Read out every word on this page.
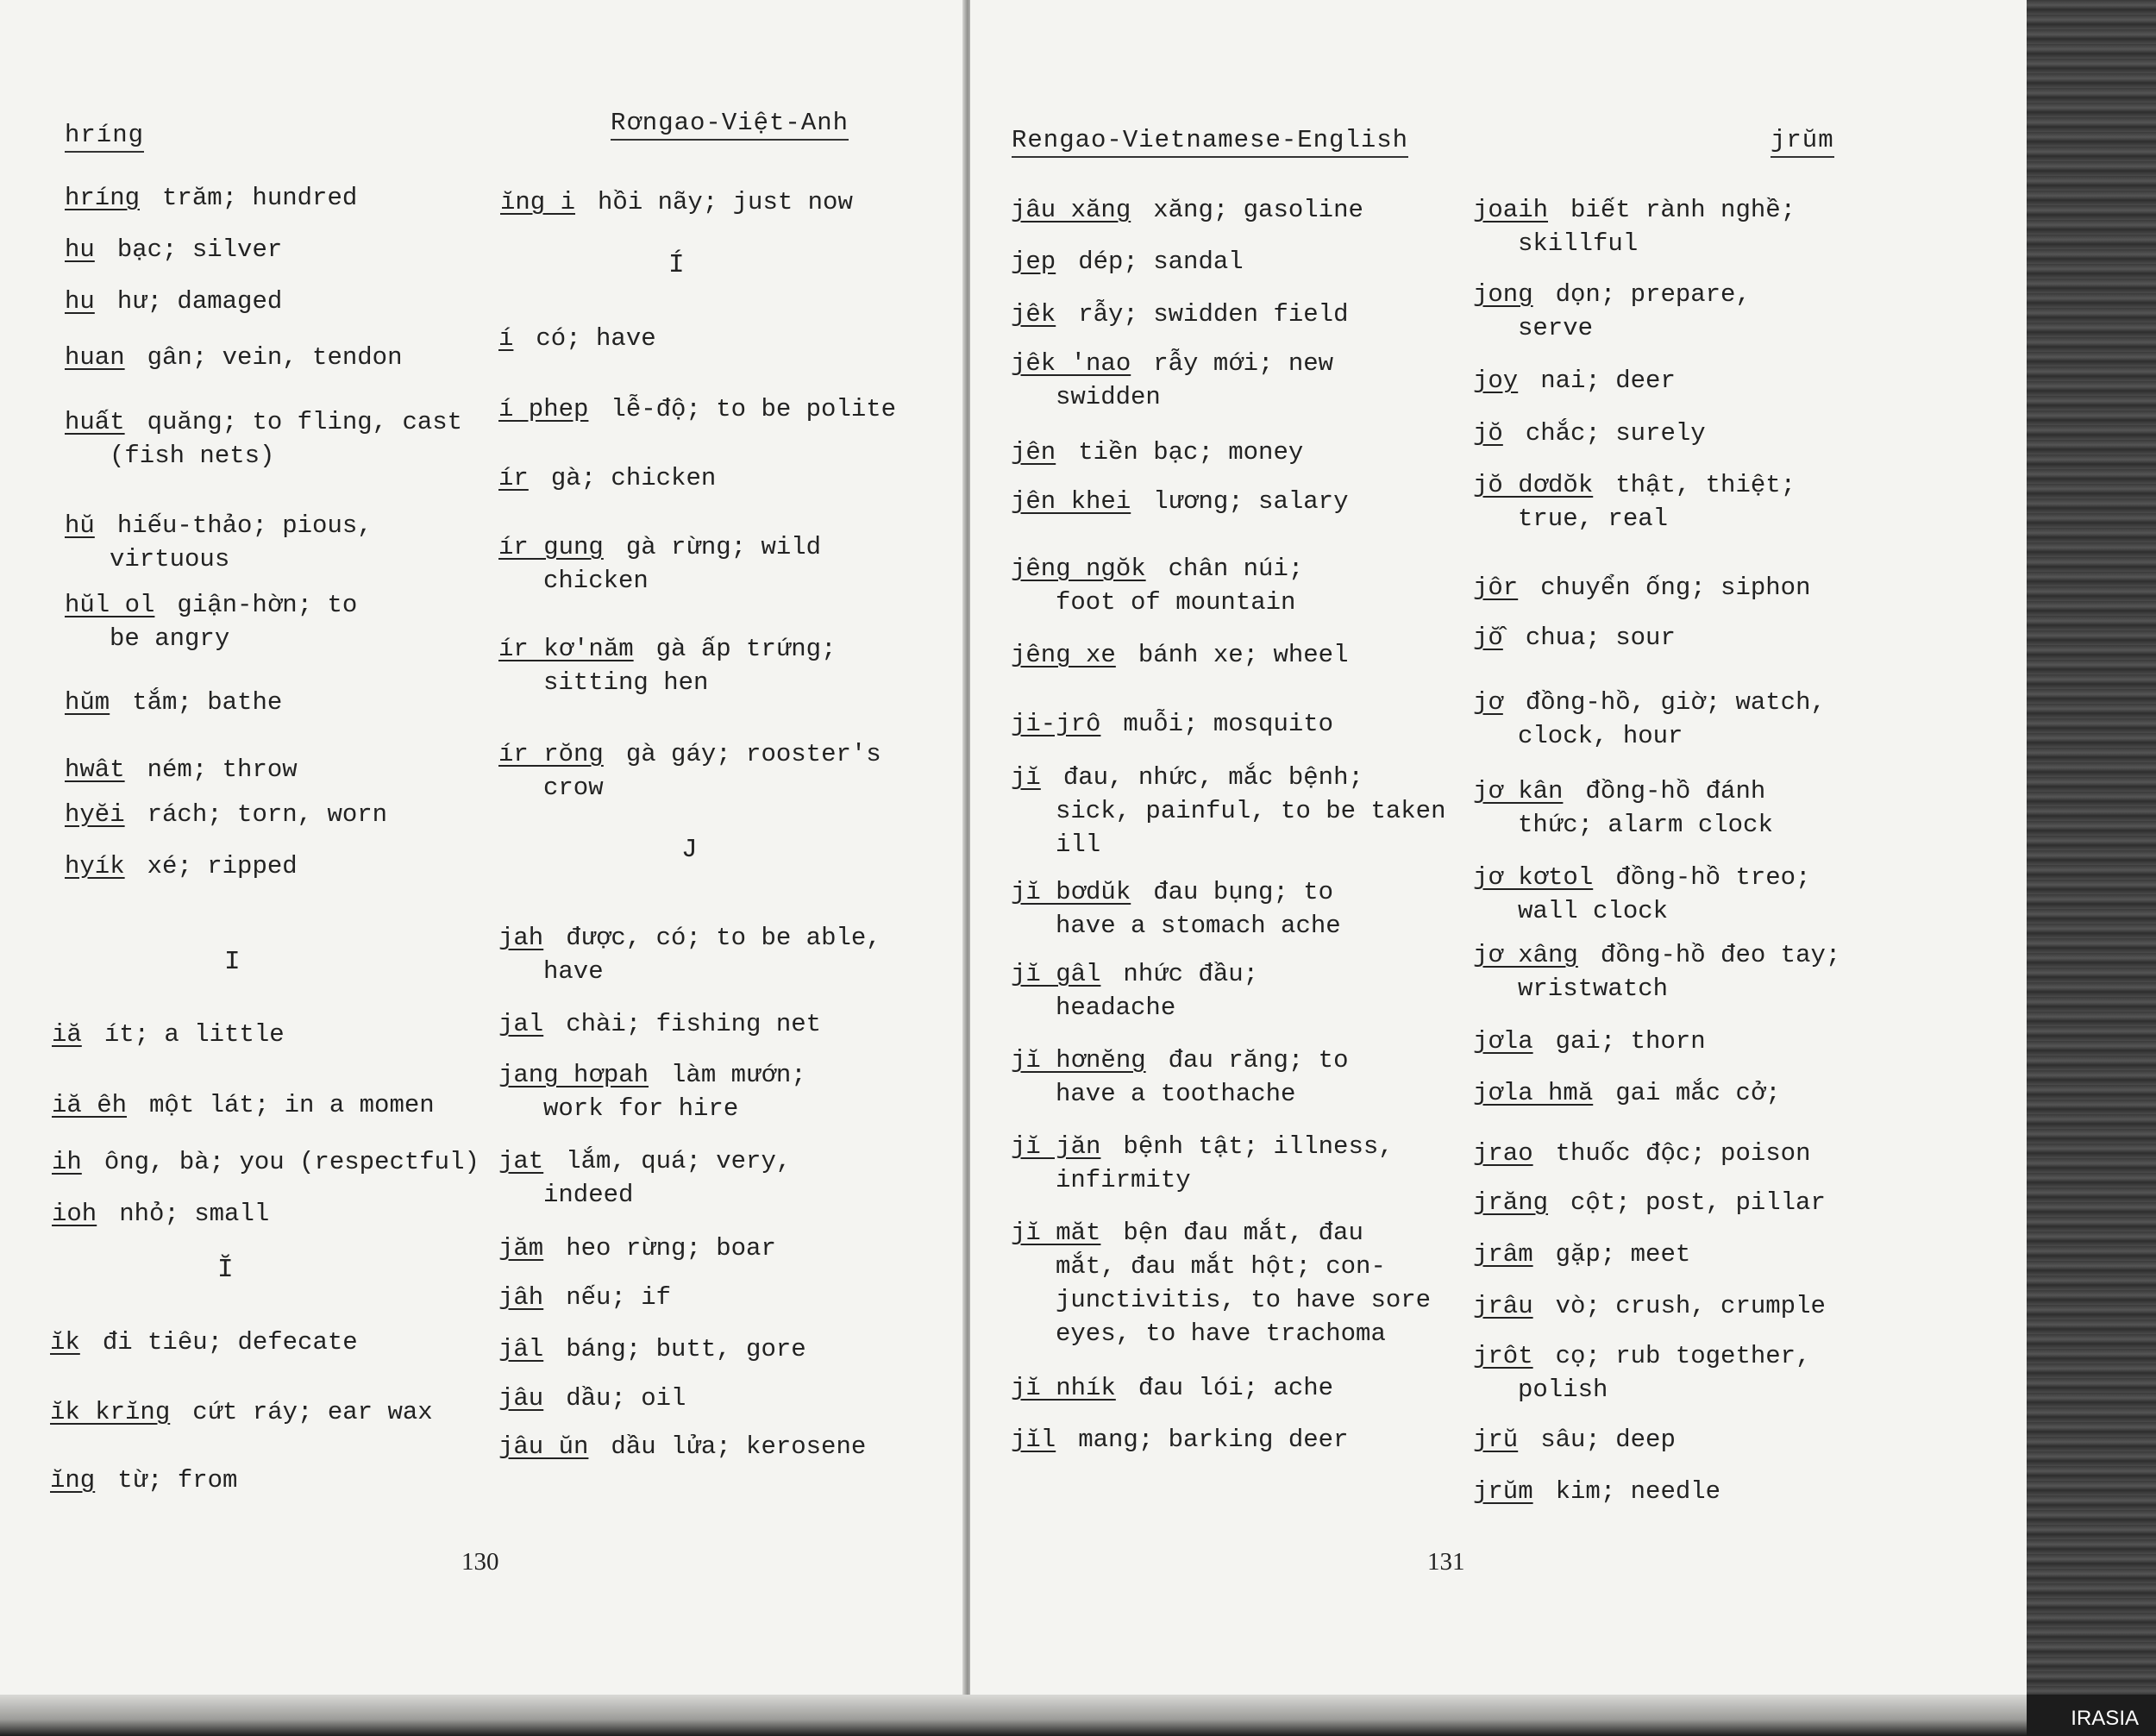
hríng	Rơngao-Việt-Anh
hríng trăm; hundred
hu bạc; silver
hu hư; damaged
huan gân; vein, tendon
huất quăng; to fling, cast
(fish nets)
hŭ hiếu-thảo; pious,
virtuous
hŭl ol giận-hờn; to
be angry
hŭm tắm; bathe
hwât ném; throw
hyĕi rách; torn, worn
hyík xé; ripped
I
iă ít; a little
iă êh một lát; in a momen
ih ông, bà; you (respectful)
ioh nhỏ; small
Ĭ
ĭk đi tiêu; defecate
ĭk krĭng cứt ráy; ear wax
ĭng từ; from
ĭng i hồi nãy; just now
Í
í có; have
í phep lễ-độ; to be polite
ír gà; chicken
ír gung gà rừng; wild
chicken
ír kơ'năm gà ấp trứng;
sitting hen
ír rŏng gà gáy; rooster's
crow
J
jah được, có; to be able,
have
jal chài; fishing net
jang hơpah làm mướn;
work for hire
jat lắm, quá; very,
indeed
jăm heo rừng; boar
jâh nếu; if
jâl báng; butt, gore
jâu dầu; oil
jâu ŭn dầu lửa; kerosene
130
Rengao-Vietnamese-English	jrŭm
jâu xăng xăng; gasoline
jep dép; sandal
jêk rẫy; swidden field
jêk 'nao rẫy mới; new
swidden
jên tiền bạc; money
jên khei lương; salary
jêng ngŏk chân núi;
foot of mountain
jêng xe bánh xe; wheel
ji-jrô muỗi; mosquito
jĭ đau, nhức, mắc bệnh;
sick, painful, to be taken
ill
jĭ bơdŭk đau bụng; to
have a stomach ache
jĭ gâl nhức đầu;
headache
jĭ hơnĕng đau răng; to
have a toothache
jĭ jăn bệnh tật; illness,
infirmity
jĭ măt bện đau mắt, đau
mắt, đau mắt hột; con-
junctivitis, to have sore
eyes, to have trachoma
jĭ nhík đau lói; ache
jĭl mang; barking deer
joaih biết rành nghề;
skillful
jong dọn; prepare,
serve
joy nai; deer
jŏ chắc; surely
jŏ dơdŏk thật, thiệt;
true, real
jôr chuyển ống; siphon
jŏ̂ chua; sour
jơ đồng-hồ, giờ; watch,
clock, hour
jơ kân đồng-hồ đánh
thức; alarm clock
jơ kơtol đồng-hồ treo;
wall clock
jơ xâng đồng-hồ đeo tay;
wristwatch
jơla gai; thorn
jơla hmă gai mắc cở;
jrao thuốc độc; poison
jrăng cột; post, pillar
jrâm gặp; meet
jrâu vò; crush, crumple
jrôt cọ; rub together,
polish
jrŭ sâu; deep
jrŭm kim; needle
131
IRASIA
